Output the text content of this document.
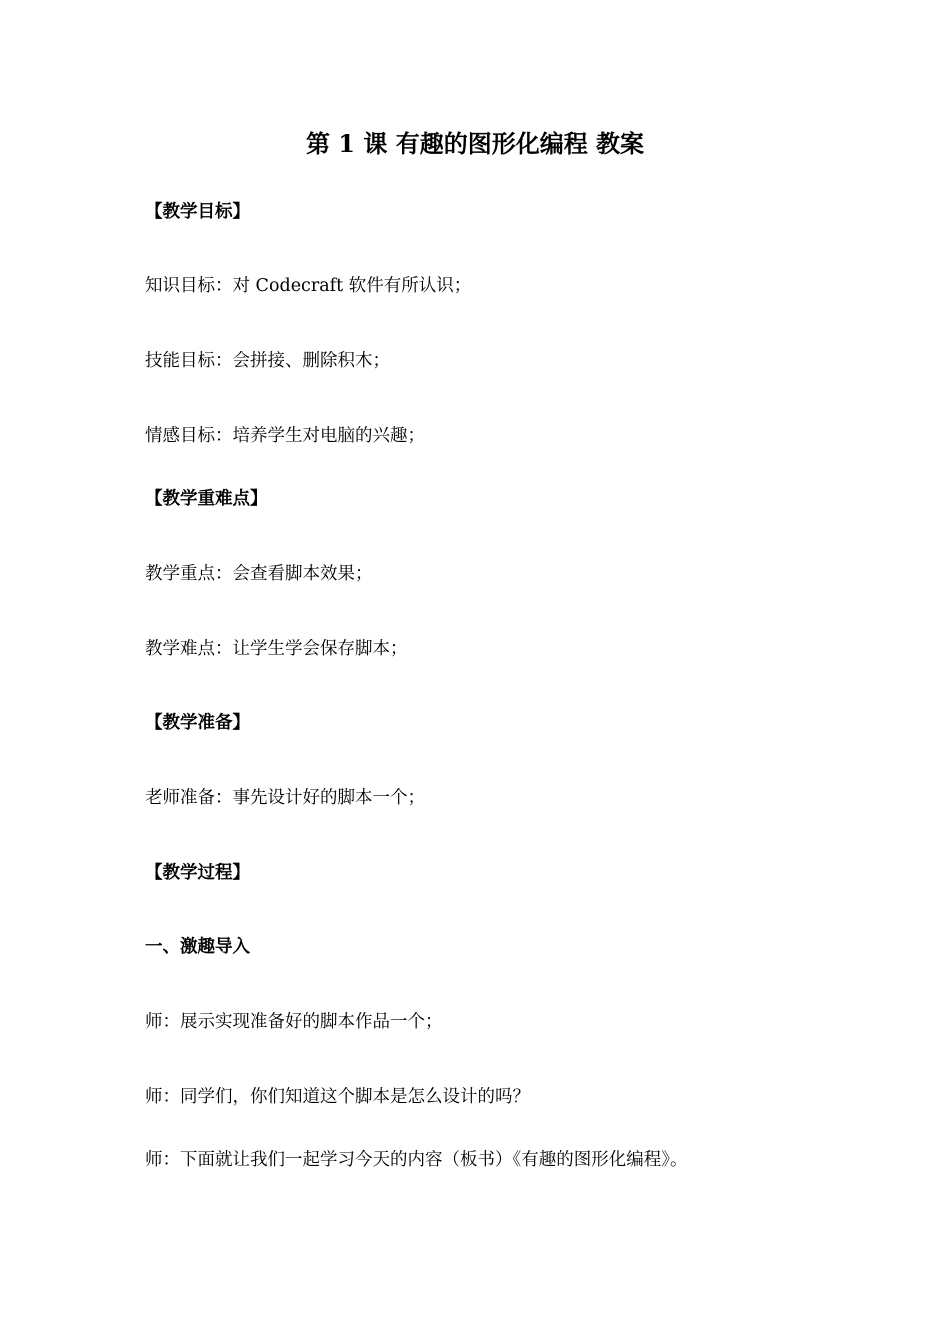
第 1 课 有趣的图形化编程 教案
【教学目标】
知识目标：对 Codecraft 软件有所认识；
技能目标：会拼接、删除积木；
情感目标：培养学生对电脑的兴趣；
【教学重难点】
教学重点：会查看脚本效果；
教学难点：让学生学会保存脚本；
【教学准备】
老师准备：事先设计好的脚本一个；
【教学过程】
一、激趣导入
师：展示实现准备好的脚本作品一个；
师：同学们，你们知道这个脚本是怎么设计的吗？
师：下面就让我们一起学习今天的内容（板书）《有趣的图形化编程》。
